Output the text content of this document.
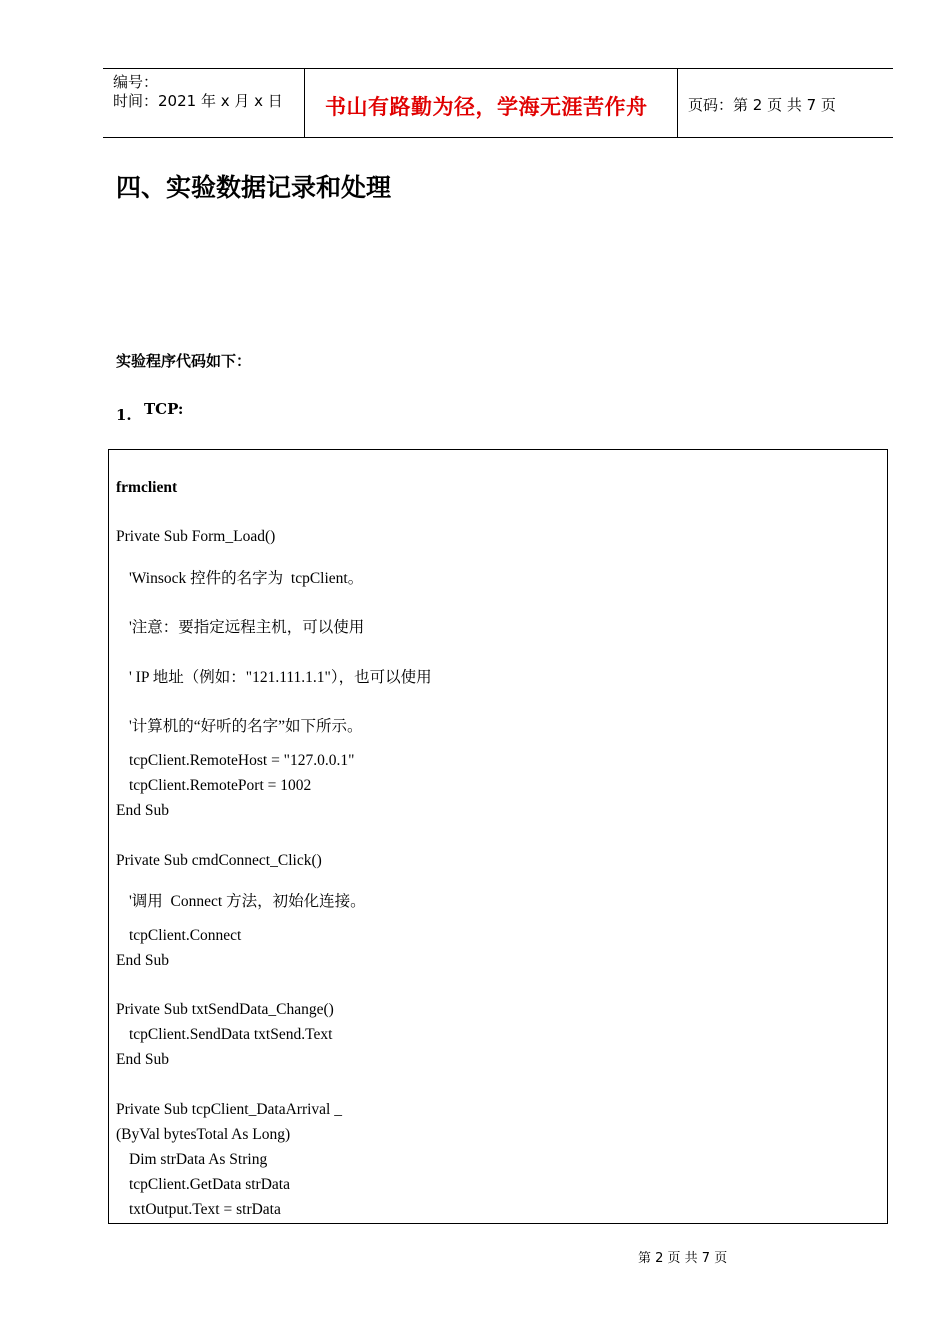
编号：
时间：2021 年 x 月 x 日 书山有路勤为径，学海无涯苦作舟	页码：第 2 页 共 7 页
四、实验数据记录和处理
实验程序代码如下：
1. TCP:
frmclient
Private Sub Form_Load()
'Winsock 控件的名字为  tcpClient。
'注意：要指定远程主机，可以使用
' IP 地址（例如："121.111.1.1"），也可以使用
'计算机的“好听的名字”如下所示。
tcpClient.RemoteHost = "127.0.0.1"
tcpClient.RemotePort = 1002
End Sub
Private Sub cmdConnect_Click()
'调用  Connect 方法，初始化连接。
tcpClient.Connect
End Sub
Private Sub txtSendData_Change()
tcpClient.SendData txtSend.Text
End Sub
Private Sub tcpClient_DataArrival _
(ByVal bytesTotal As Long)
Dim strData As String
tcpClient.GetData strData
txtOutput.Text = strData
第 2 页 共 7 页
